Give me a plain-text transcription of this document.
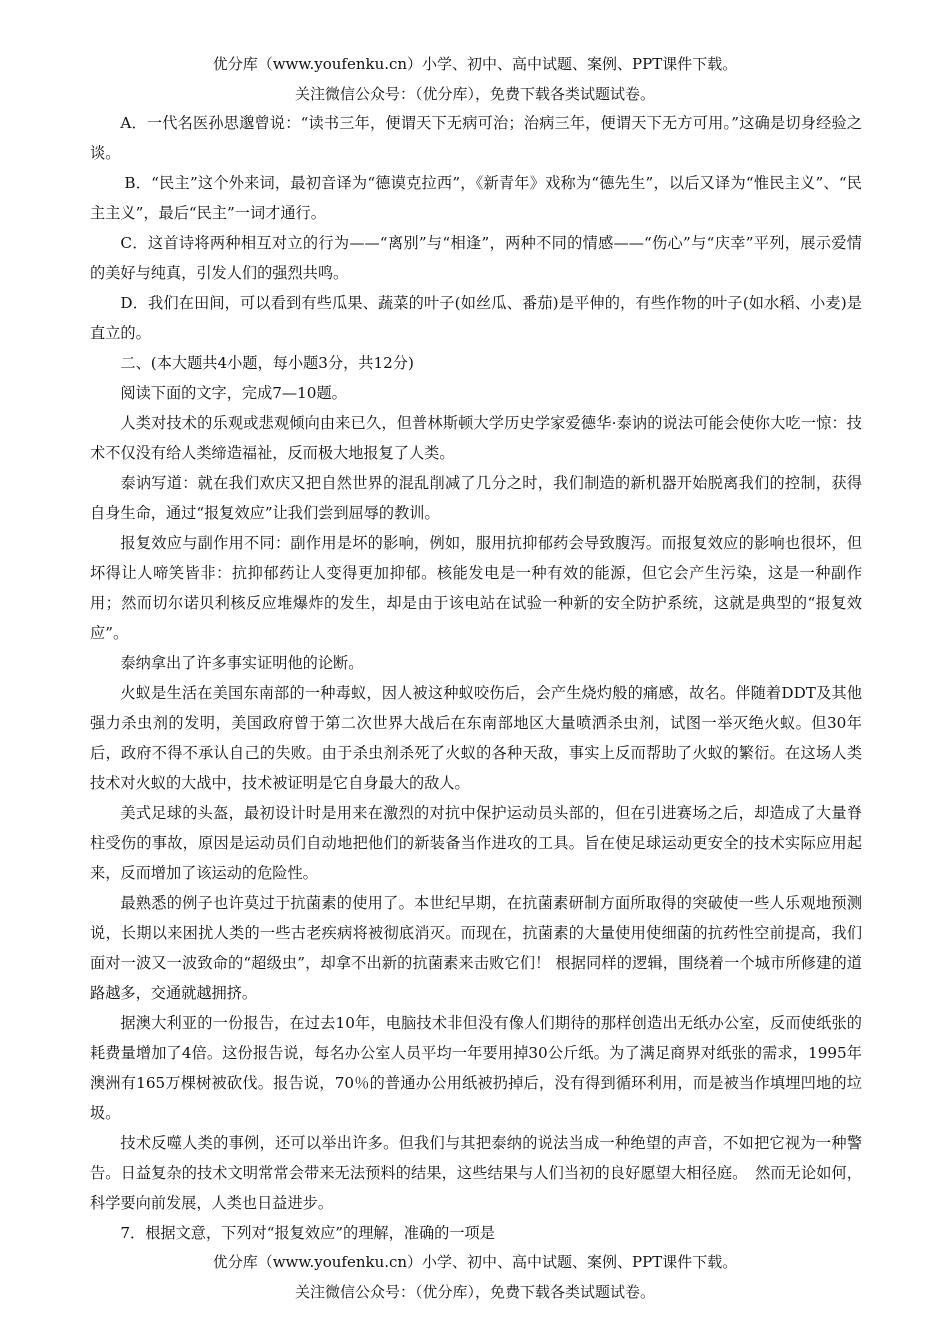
优分库（www.youfenku.cn）小学、初中、高中试题、案例、PPT课件下载。
关注微信公众号：（优分库），免费下载各类试题试卷。

A．一代名医孙思邈曾说：“读书三年，便谓天下无病可治；治病三年，便谓天下无方可用。”这确是切身经验之谈。

B．“民主”这个外来词，最初音译为“德谟克拉西”，《新青年》戏称为“德先生”，以后又译为“惟民主义”、“民主主义”，最后“民主”一词才通行。

C．这首诗将两种相互对立的行为——“离别”与“相逢”，两种不同的情感——“伤心”与“庆幸”平列，展示爱情的美好与纯真，引发人们的强烈共鸣。

D．我们在田间，可以看到有些瓜果、蔬菜的叶子(如丝瓜、番茄)是平伸的，有些作物的叶子(如水稻、小麦)是直立的。

二、(本大题共4小题，每小题3分，共12分)

阅读下面的文字，完成7—10题。

人类对技术的乐观或悲观倾向由来已久，但普林斯顿大学历史学家爱德华·泰讷的说法可能会使你大吃一惊：技术不仅没有给人类缔造福祉，反而极大地报复了人类。

泰讷写道：就在我们欢庆又把自然世界的混乱削减了几分之时，我们制造的新机器开始脱离我们的控制，获得自身生命，通过“报复效应”让我们尝到屈辱的教训。

报复效应与副作用不同：副作用是坏的影响，例如，服用抗抑郁药会导致腹泻。而报复效应的影响也很坏，但坏得让人啼笑皆非：抗抑郁药让人变得更加抑郁。核能发电是一种有效的能源，但它会产生污染，这是一种副作用；然而切尔诺贝利核反应堆爆炸的发生，却是由于该电站在试验一种新的安全防护系统，这就是典型的“报复效应”。

泰纳拿出了许多事实证明他的论断。

火蚁是生活在美国东南部的一种毒蚁，因人被这种蚁咬伤后，会产生烧灼般的痛感，故名。伴随着DDT及其他强力杀虫剂的发明，美国政府曾于第二次世界大战后在东南部地区大量喷洒杀虫剂，试图一举灭绝火蚁。但30年后，政府不得不承认自己的失败。由于杀虫剂杀死了火蚁的各种天敌，事实上反而帮助了火蚁的繁衍。在这场人类技术对火蚁的大战中，技术被证明是它自身最大的敌人。

美式足球的头盔，最初设计时是用来在激烈的对抗中保护运动员头部的，但在引进赛场之后，却造成了大量脊柱受伤的事故，原因是运动员们自动地把他们的新装备当作进攻的工具。旨在使足球运动更安全的技术实际应用起来，反而增加了该运动的危险性。

最熟悉的例子也许莫过于抗菌素的使用了。本世纪早期，在抗菌素研制方面所取得的突破使一些人乐观地预测说，长期以来困扰人类的一些古老疾病将被彻底消灭。而现在，抗菌素的大量使用使细菌的抗药性空前提高，我们面对一波又一波致命的“超级虫”，却拿不出新的抗菌素来击败它们！ 根据同样的逻辑，围绕着一个城市所修建的道路越多，交通就越拥挤。

据澳大利亚的一份报告，在过去10年，电脑技术非但没有像人们期待的那样创造出无纸办公室，反而使纸张的耗费量增加了4倍。这份报告说，每名办公室人员平均一年要用掉30公斤纸。为了满足商界对纸张的需求，1995年澳洲有165万棵树被砍伐。报告说，70％的普通办公用纸被扔掉后，没有得到循环利用，而是被当作填埋凹地的垃圾。

技术反噬人类的事例，还可以举出许多。但我们与其把泰纳的说法当成一种绝望的声音，不如把它视为一种警告。日益复杂的技术文明常常会带来无法预料的结果，这些结果与人们当初的良好愿望大相径庭。　然而无论如何，科学要向前发展，人类也日益进步。

7．根据文意，下列对“报复效应”的理解，准确的一项是

优分库（www.youfenku.cn）小学、初中、高中试题、案例、PPT课件下载。
关注微信公众号：（优分库），免费下载各类试题试卷。
